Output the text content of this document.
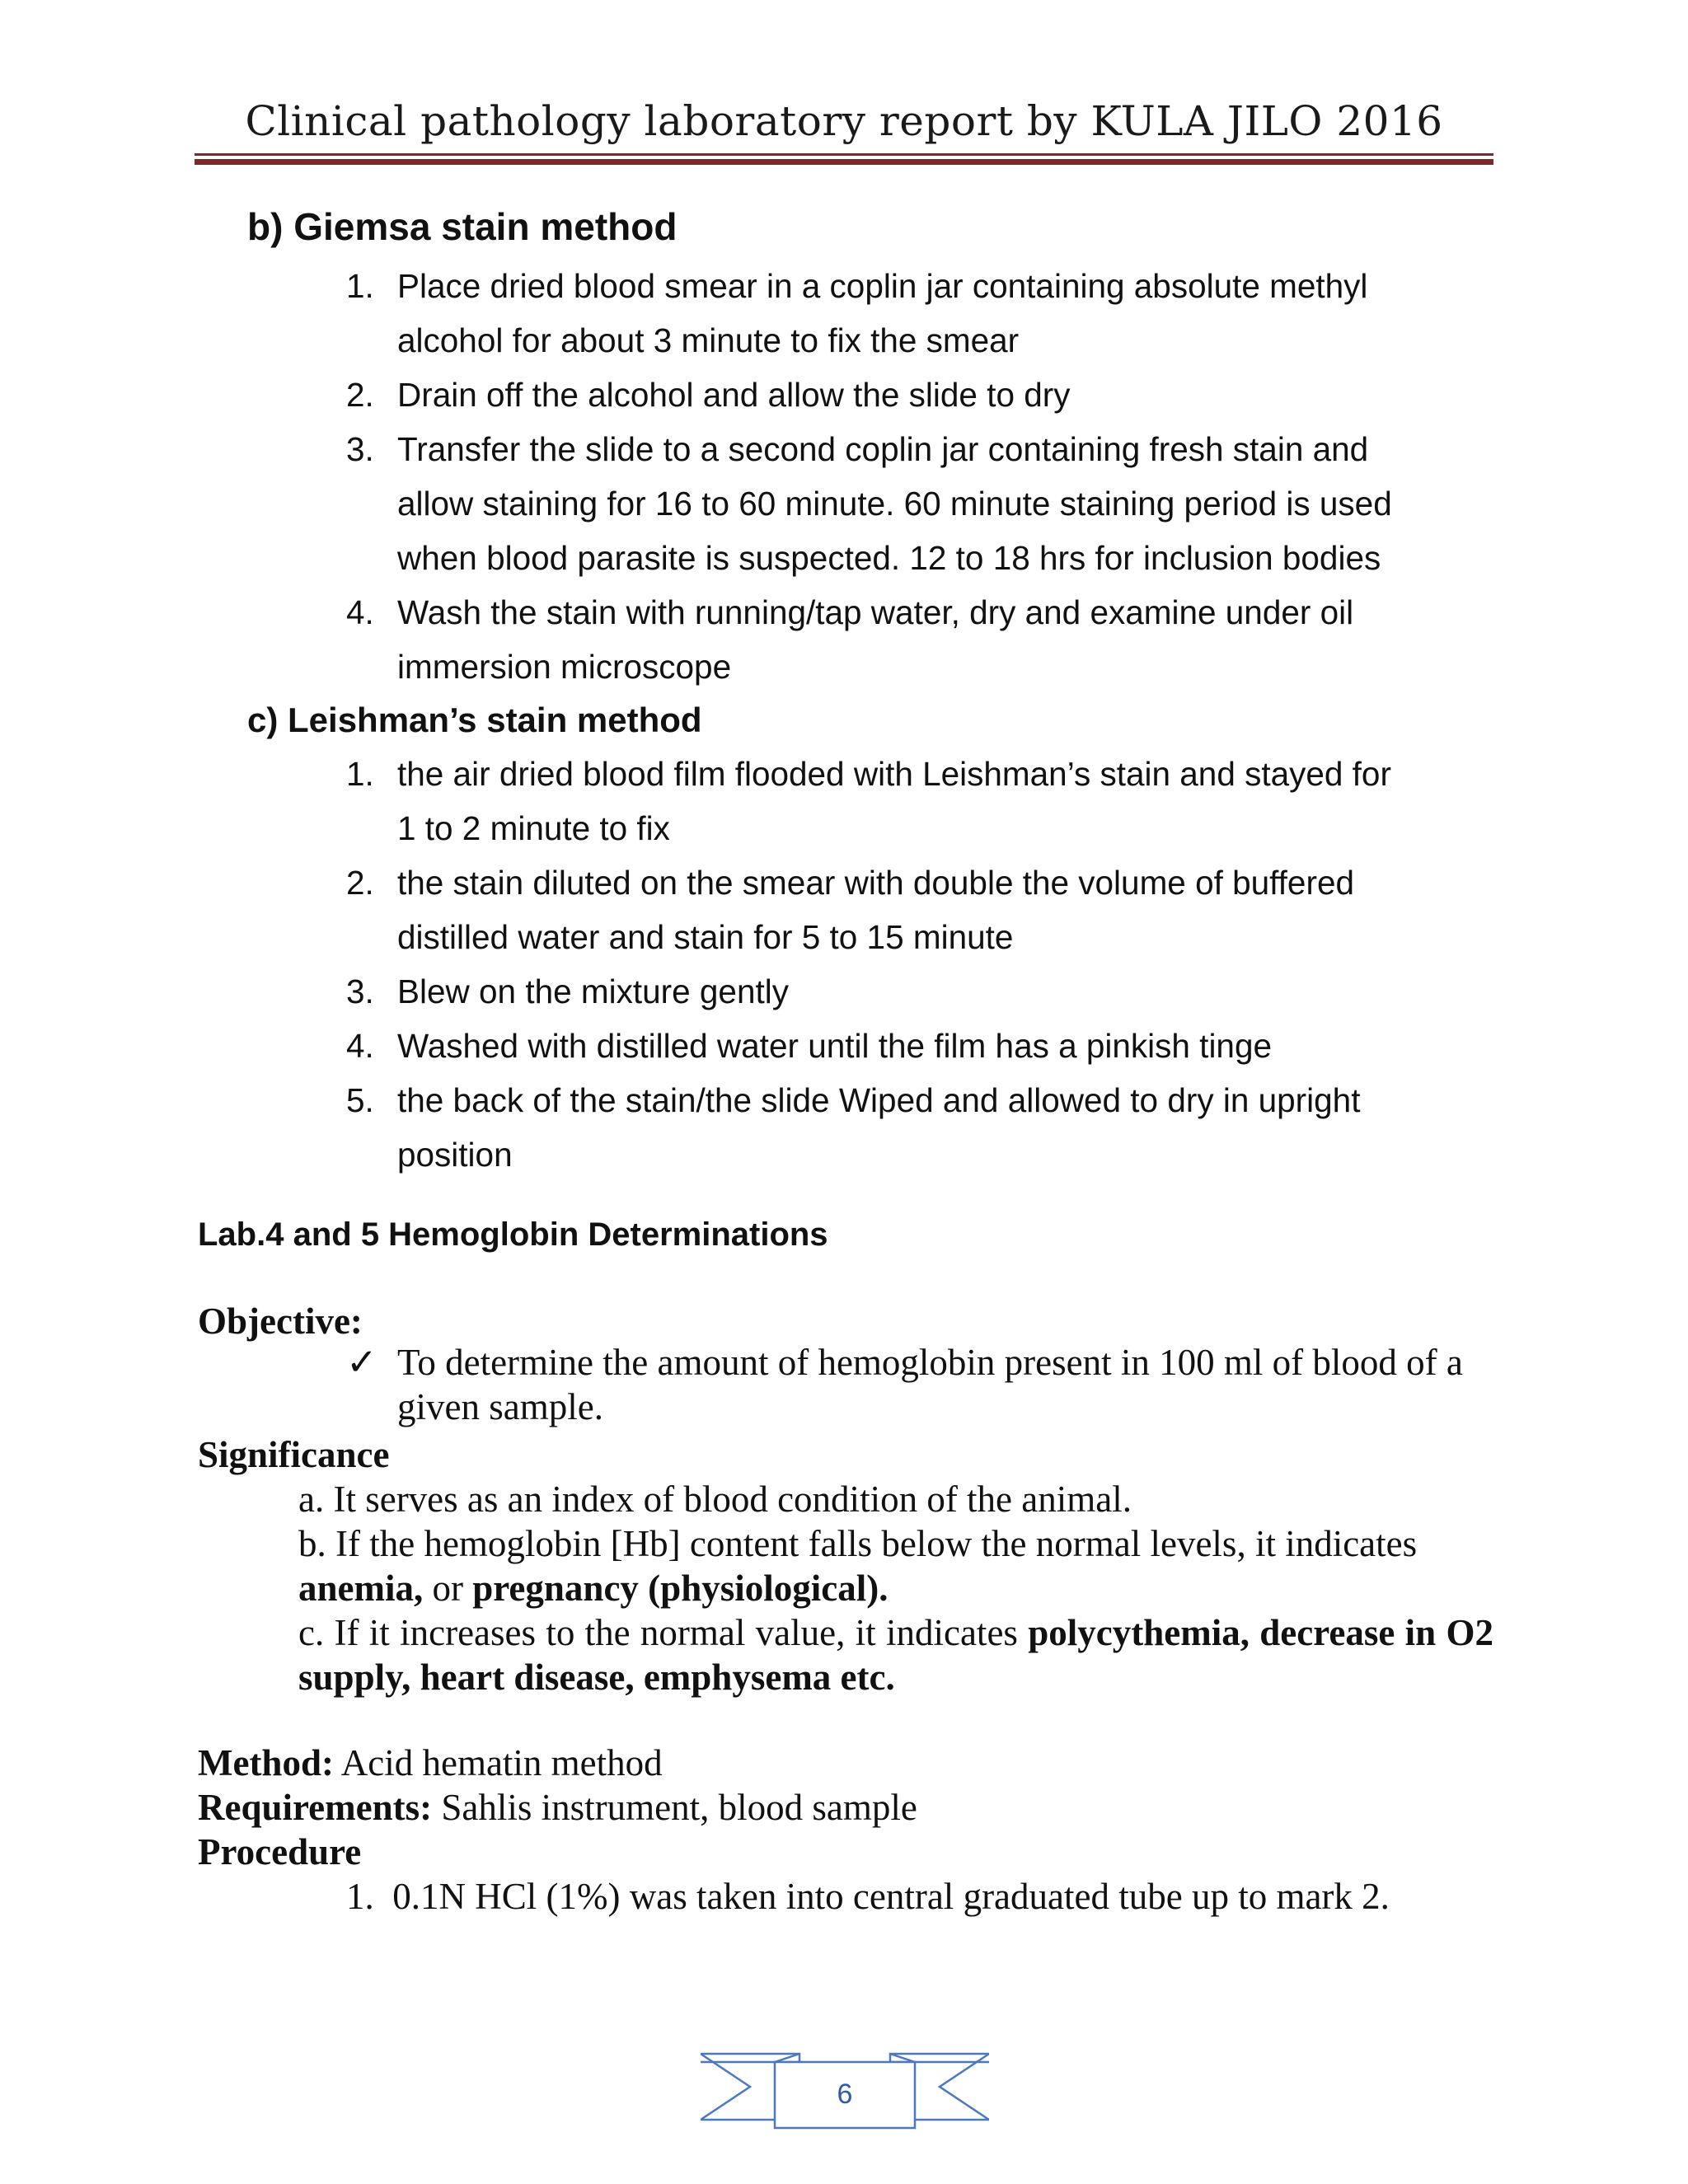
Clinical pathology laboratory report by KULA JILO 2016
b) Giemsa stain method
1. Place dried blood smear in a coplin jar containing absolute methyl
alcohol for about 3 minute to fix the smear
2. Drain off the alcohol and allow the slide to dry
3. Transfer the slide to a second coplin jar containing fresh stain and
allow staining for 16 to 60 minute. 60 minute staining period is used
when blood parasite is suspected. 12 to 18 hrs for inclusion bodies
4. Wash the stain with running/tap water, dry and examine under oil
immersion microscope
c) Leishman’s stain method
1. the air dried blood film flooded with Leishman’s stain and stayed for
1 to 2 minute to fix
2. the stain diluted on the smear with double the volume of buffered
distilled water and stain for 5 to 15 minute
3. Blew on the mixture gently
4. Washed with distilled water until the film has a pinkish tinge
5. the back of the stain/the slide Wiped and allowed to dry in upright
position
Lab.4 and 5 Hemoglobin Determinations
Objective:
✓ To determine the amount of hemoglobin present in 100 ml of blood of a given sample.
Significance
a. It serves as an index of blood condition of the animal.
b. If the hemoglobin [Hb] content falls below the normal levels, it indicates
anemia, or pregnancy (physiological).
c. If it increases to the normal value, it indicates polycythemia, decrease in O2 supply, heart disease, emphysema etc.
Method: Acid hematin method
Requirements: Sahlis instrument, blood sample
Procedure
1. 0.1N HCl (1%) was taken into central graduated tube up to mark 2.
6
